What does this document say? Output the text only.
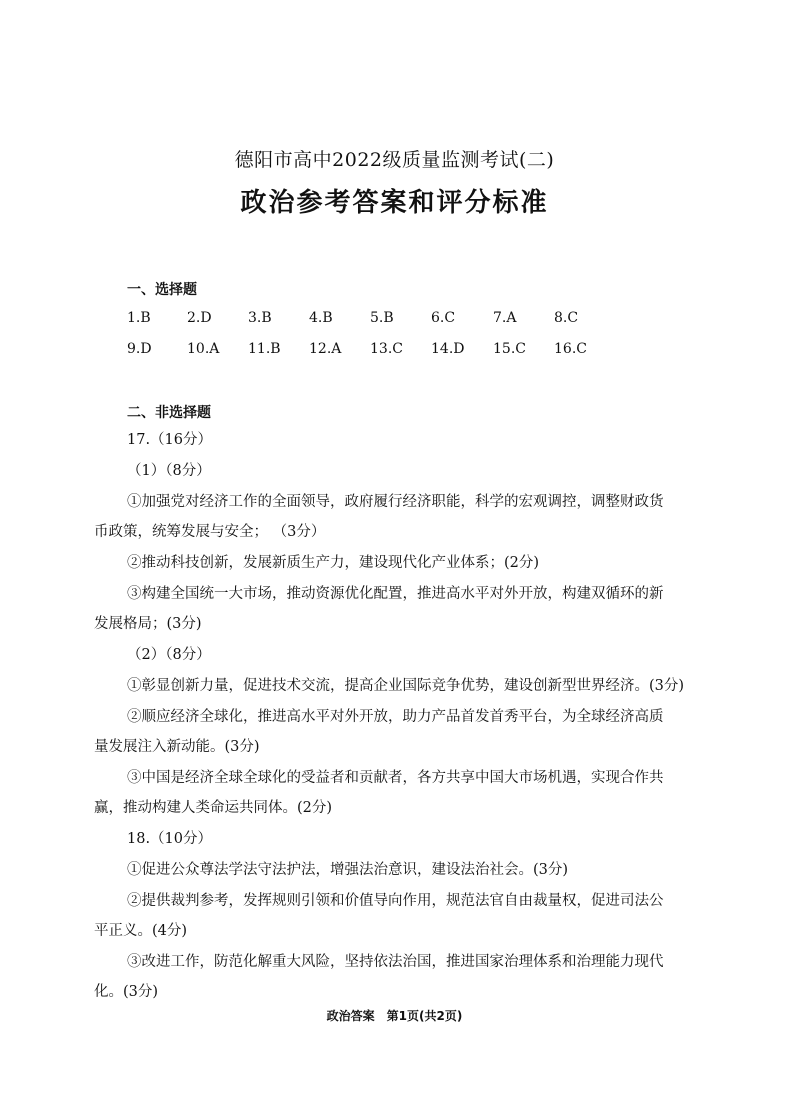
德阳市高中2022级质量监测考试(二)
政治参考答案和评分标准
一、选择题
1.B	2.D	3.B	4.B	5.B	6.C	7.A	8.C
9.D	10.A 11.B 12.A 13.C 14.D 15.C 16.C
二、非选择题
17.（16分）
（1）（8分）
①加强党对经济工作的全面领导，政府履行经济职能，科学的宏观调控，调整财政货
币政策，统筹发展与安全； （3分）
②推动科技创新，发展新质生产力，建设现代化产业体系；(2分)
③构建全国统一大市场，推动资源优化配置，推进高水平对外开放，构建双循环的新
发展格局；(3分)
（2）（8分）
①彰显创新力量，促进技术交流，提高企业国际竞争优势，建设创新型世界经济。(3分)
②顺应经济全球化，推进高水平对外开放，助力产品首发首秀平台，为全球经济高质
量发展注入新动能。(3分)
③中国是经济全球全球化的受益者和贡献者，各方共享中国大市场机遇，实现合作共
赢，推动构建人类命运共同体。(2分)
18.（10分）
①促进公众尊法学法守法护法，增强法治意识，建设法治社会。(3分)
②提供裁判参考，发挥规则引领和价值导向作用，规范法官自由裁量权，促进司法公
平正义。(4分)
③改进工作，防范化解重大风险，坚持依法治国，推进国家治理体系和治理能力现代
化。(3分)
政治答案　第1页(共2页)
